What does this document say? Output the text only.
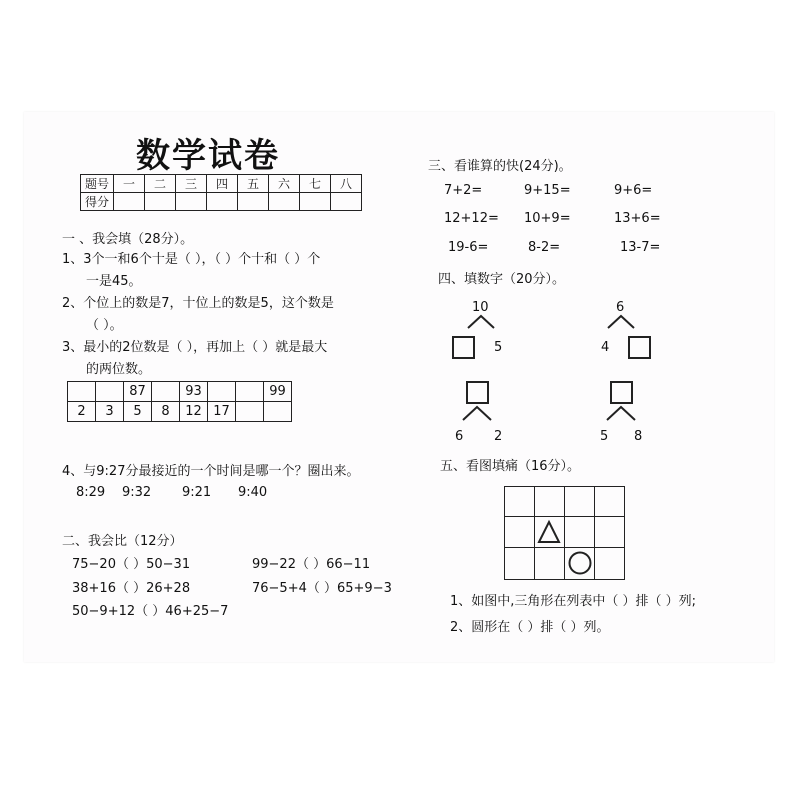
数学试卷
题号	一	二	三	四	五	六	七	八
得分								
一 、我会填（28分）。
1、3个一和6个十是（ ），（ ）个十和（ ）个
一是45。
2、个位上的数是7，十位上的数是5，这个数是
（ ）。
3、最小的2位数是（ ），再加上（ ）就是最大
的两位数。
		87		93			99
2	3	5	8	12	17		
4、与9:27分最接近的一个时间是哪一个？圈出来。
8:29 9:32 9:21 9:40
二、我会比（12分）
75−20（ ）50−31	99−22（ ）66−11
38+16（ ）26+28	76−5+4（ ）65+9−3
50−9+12（ ）46+25−7
三、看谁算的快(24分)。
7+2=	9+15=	9+6=
12+12= 10+9=	13+6=
19-6=	8-2=	13-7=
四、填数字（20分）。
10
5
6
4
6 2	5 8
五、看图填痛（16分）。
1、如图中,三角形在列表中（ ）排（ ）列;
2、圆形在（ ）排（ ）列。
